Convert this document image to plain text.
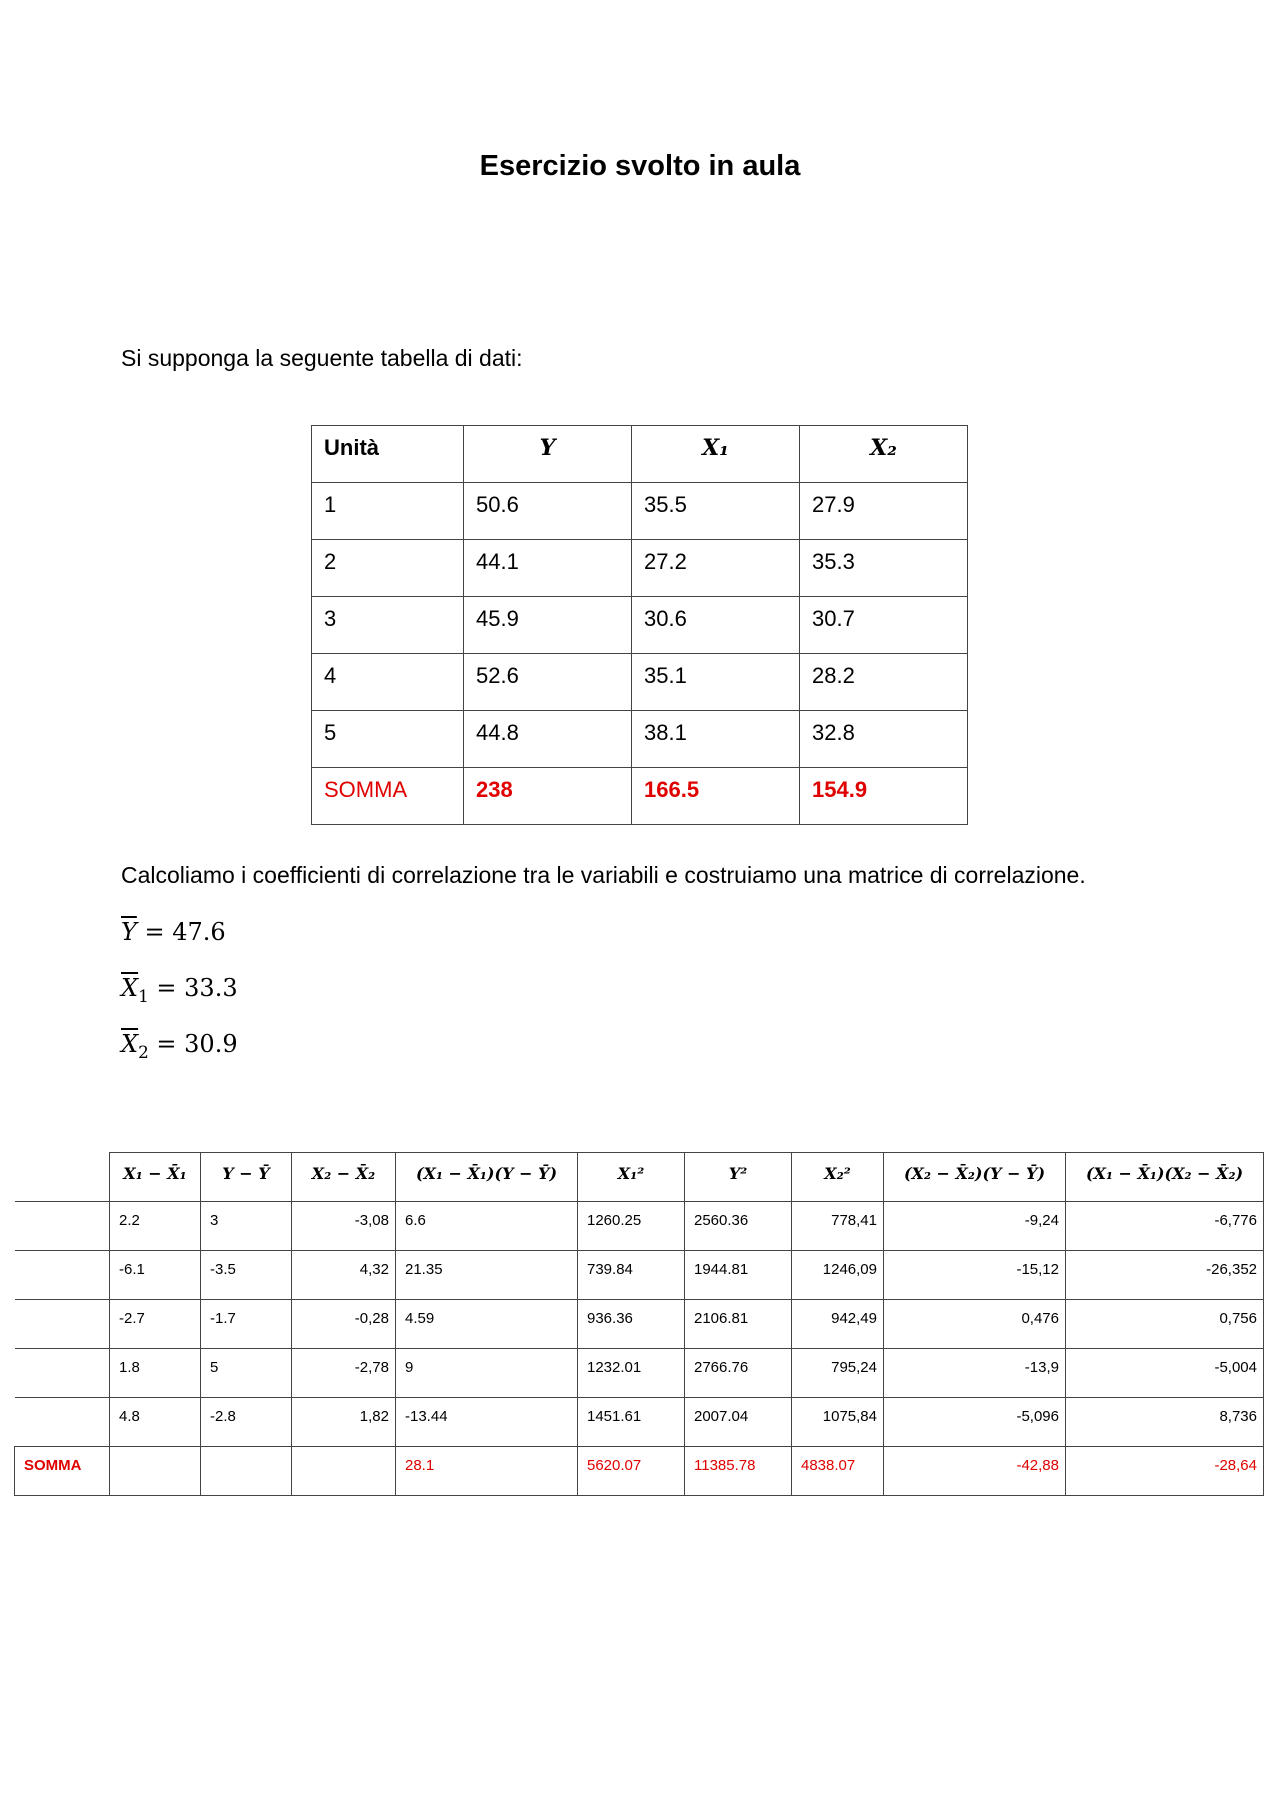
Esercizio svolto in aula
Si supponga la seguente tabella di dati:
Unità	Y	X₁	X₂
1	50.6	35.5	27.9
2	44.1	27.2	35.3
3	45.9	30.6	30.7
4	52.6	35.1	28.2
5	44.8	38.1	32.8
SOMMA	238	166.5	154.9
Calcoliamo i coefficienti di correlazione tra le variabili e costruiamo una matrice di correlazione.
$\overline{Y} = 47.6$
$\overline{X}_1 = 33.3$
$\overline{X}_2 = 30.9$
	X₁ − X̄₁	Y − Ȳ	X₂ − X̄₂	(X₁ − X̄₁)(Y − Ȳ)	X₁²	Y²	X₂²	(X₂ − X̄₂)(Y − Ȳ)	(X₁ − X̄₁)(X₂ − X̄₂)
	2.2	3	-3,08	6.6	1260.25	2560.36	778,41	-9,24	-6,776
	-6.1	-3.5	4,32	21.35	739.84	1944.81	1246,09	-15,12	-26,352
	-2.7	-1.7	-0,28	4.59	936.36	2106.81	942,49	0,476	0,756
	1.8	5	-2,78	9	1232.01	2766.76	795,24	-13,9	-5,004
	4.8	-2.8	1,82	-13.44	1451.61	2007.04	1075,84	-5,096	8,736
SOMMA				28.1	5620.07	11385.78	4838.07	-42,88	-28,64
